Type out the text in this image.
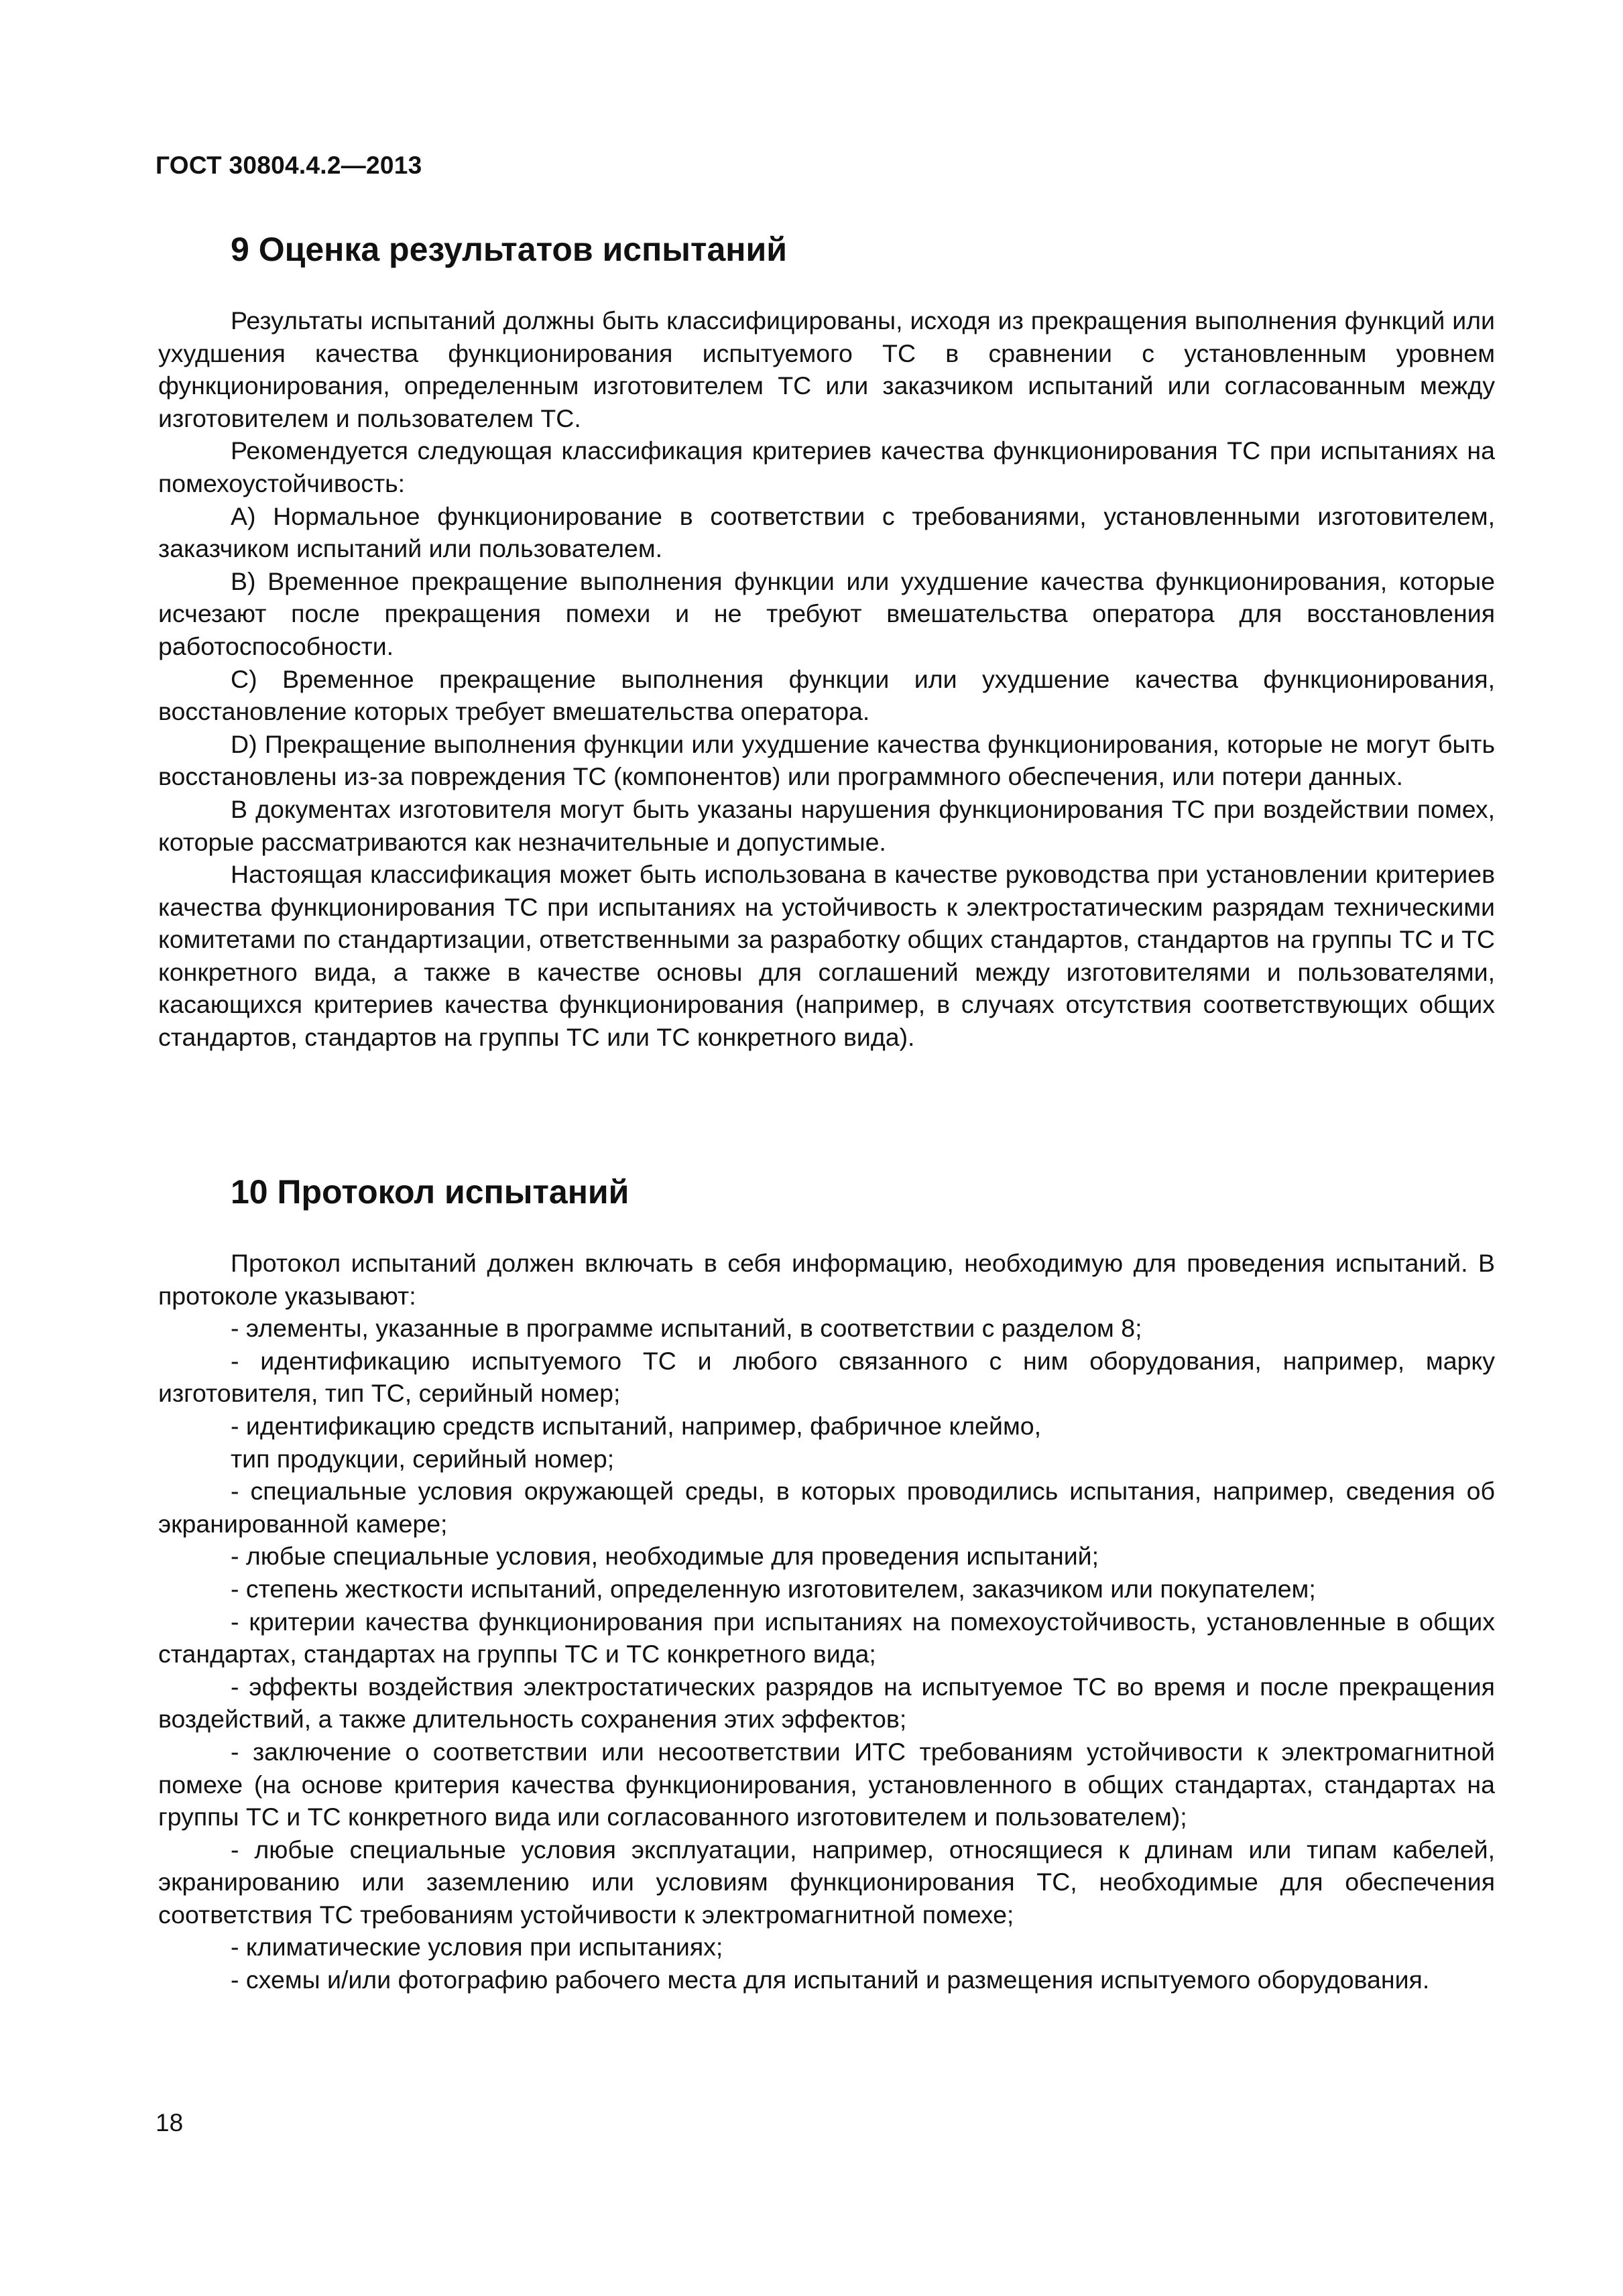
ГОСТ 30804.4.2—2013
9 Оценка результатов испытаний

Результаты испытаний должны быть классифицированы, исходя из прекращения выполнения функций или ухудшения качества функционирования испытуемого ТС в сравнении с установленным уровнем функционирования, определенным изготовителем ТС или заказчиком испытаний или согласованным между изготовителем и пользователем ТС.

Рекомендуется следующая классификация критериев качества функционирования ТС при испытаниях на помехоустойчивость:

А) Нормальное функционирование в соответствии с требованиями, установленными изготовителем, заказчиком испытаний или пользователем.

В) Временное прекращение выполнения функции или ухудшение качества функционирования, которые исчезают после прекращения помехи и не требуют вмешательства оператора для восстановления работоспособности.

С) Временное прекращение выполнения функции или ухудшение качества функционирования, восстановление которых требует вмешательства оператора.

D) Прекращение выполнения функции или ухудшение качества функционирования, которые не могут быть восстановлены из-за повреждения ТС (компонентов) или программного обеспечения, или потери данных.

В документах изготовителя могут быть указаны нарушения функционирования ТС при воздействии помех, которые рассматриваются как незначительные и допустимые.

Настоящая классификация может быть использована в качестве руководства при установлении критериев качества функционирования ТС при испытаниях на устойчивость к электростатическим разрядам техническими комитетами по стандартизации, ответственными за разработку общих стандартов, стандартов на группы ТС и ТС конкретного вида, а также в качестве основы для соглашений между изготовителями и пользователями, касающихся критериев качества функционирования (например, в случаях отсутствия соответствующих общих стандартов, стандартов на группы ТС или ТС конкретного вида).

10 Протокол испытаний

Протокол испытаний должен включать в себя информацию, необходимую для проведения испытаний. В протоколе указывают:

- элементы, указанные в программе испытаний, в соответствии с разделом 8;

- идентификацию испытуемого ТС и любого связанного с ним оборудования, например, марку изготовителя, тип ТС, серийный номер;

- идентификацию средств испытаний, например, фабричное клеймо,

тип продукции, серийный номер;

- специальные условия окружающей среды, в которых проводились испытания, например, сведения об экранированной камере;

- любые специальные условия, необходимые для проведения испытаний;

- степень жесткости испытаний, определенную изготовителем, заказчиком или покупателем;

- критерии качества функционирования при испытаниях на помехоустойчивость, установленные в общих стандартах, стандартах на группы ТС и ТС конкретного вида;

- эффекты воздействия электростатических разрядов на испытуемое ТС во время и после прекращения воздействий, а также длительность сохранения этих эффектов;

- заключение о соответствии или несоответствии ИТС требованиям устойчивости к электромагнитной помехе (на основе критерия качества функционирования, установленного в общих стандартах, стандартах на группы ТС и ТС конкретного вида или согласованного изготовителем и пользователем);

- любые специальные условия эксплуатации, например, относящиеся к длинам или типам кабелей, экранированию или заземлению или условиям функционирования ТС, необходимые для обеспечения соответствия ТС требованиям устойчивости к электромагнитной помехе;

- климатические условия при испытаниях;

- схемы и/или фотографию рабочего места для испытаний и размещения испытуемого оборудования.

18
